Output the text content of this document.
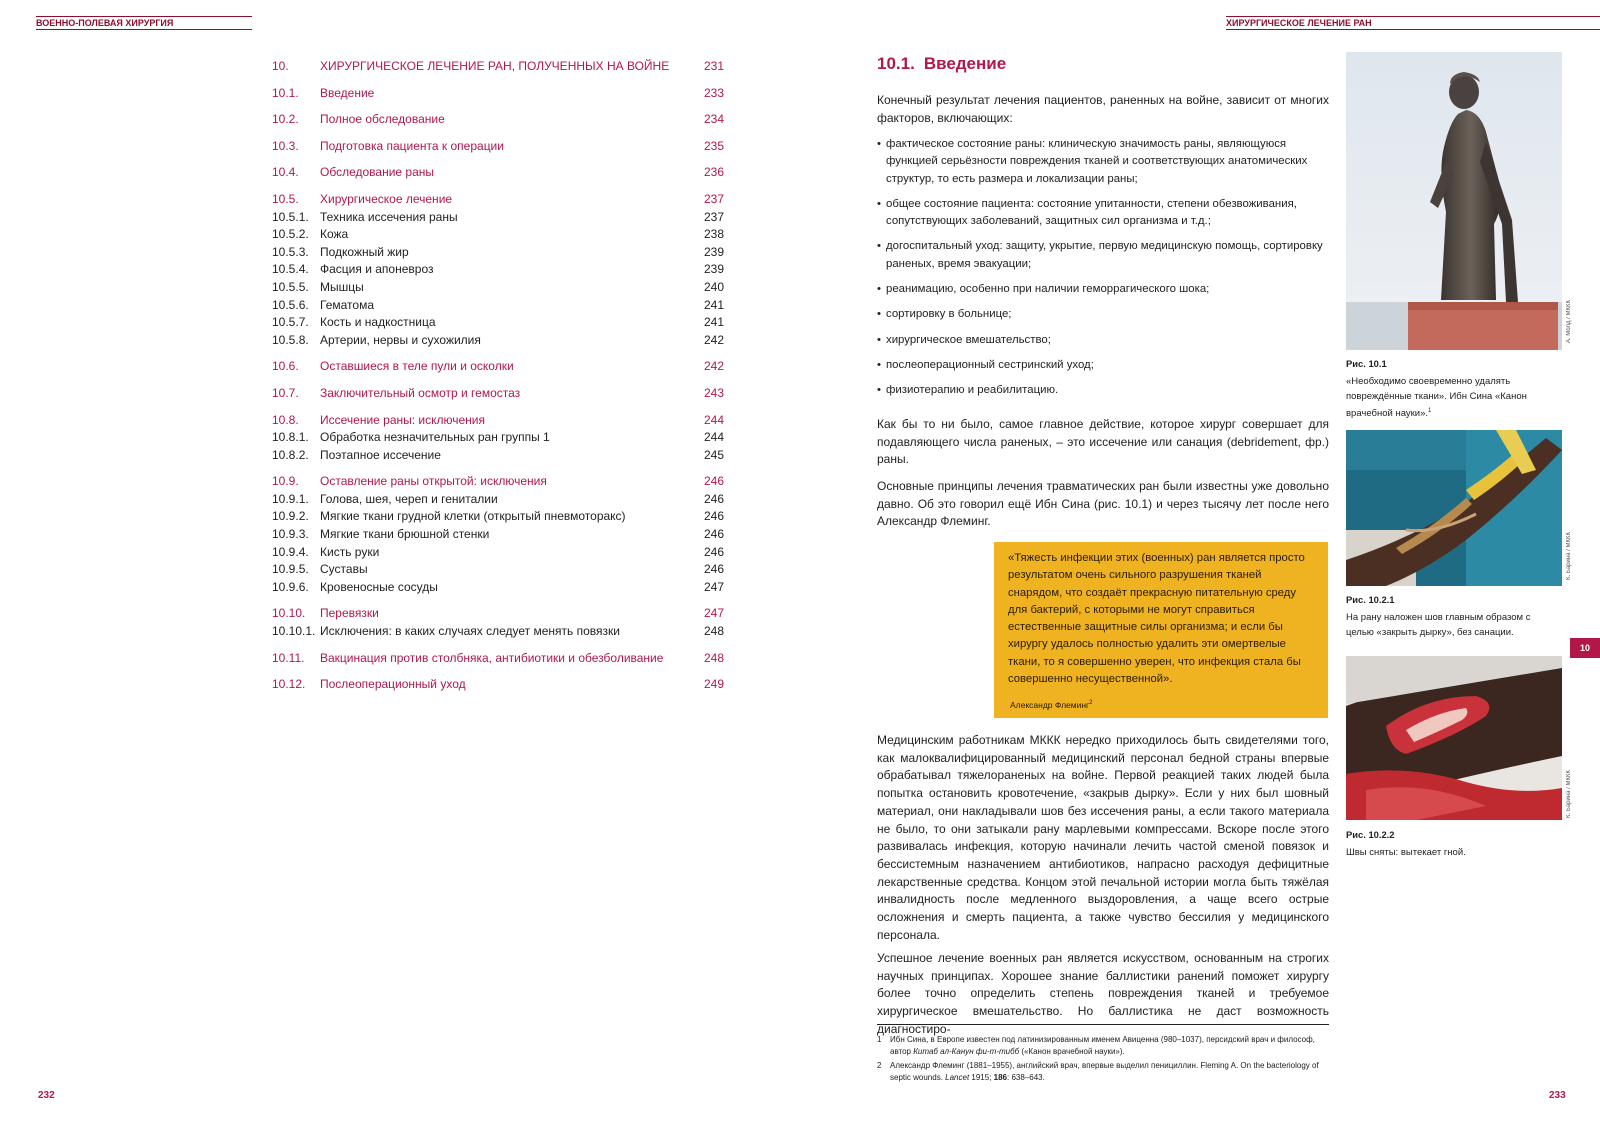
ВОЕННО-ПОЛЕВАЯ ХИРУРГИЯ	ХИРУРГИЧЕСКОЕ ЛЕЧЕНИЕ РАН
10.	ХИРУРГИЧЕСКОЕ ЛЕЧЕНИЕ РАН, ПОЛУЧЕННЫХ НА ВОЙНЕ	231
10.1.	Введение	233
10.2.	Полное обследование	234
10.3.	Подготовка пациента к операции	235
10.4.	Обследование раны	236
10.5.	Хирургическое лечение	237
10.5.1. Техника иссечения раны	237
10.5.2. Кожа	238
10.5.3. Подкожный жир	239
10.5.4. Фасция и апоневроз	239
10.5.5. Мышцы	240
10.5.6. Гематома	241
10.5.7. Кость и надкостница	241
10.5.8. Артерии, нервы и сухожилия	242
10.6.	Оставшиеся в теле пули и осколки	242
10.7.	Заключительный осмотр и гемостаз	243
10.8.	Иссечение раны: исключения	244
10.8.1. Обработка незначительных ран группы 1	244
10.8.2. Поэтапное иссечение	245
10.9.	Оставление раны открытой: исключения	246
10.9.1. Голова, шея, череп и гениталии	246
10.9.2. Мягкие ткани грудной клетки (открытый пневмоторакс)	246
10.9.3. Мягкие ткани брюшной стенки	246
10.9.4. Кисть руки	246
10.9.5. Суставы	246
10.9.6. Кровеносные сосуды	247
10.10.	Перевязки	247
10.10.1. Исключения: в каких случаях следует менять повязки	248
10.11.	Вакцинация против столбняка, антибиотики и обезболивание	248
10.12.	Послеоперационный уход	249
232	233
10.1. Введение

Конечный результат лечения пациентов, раненных на войне, зависит от многих факторов, включающих:

• фактическое состояние раны: клиническую значимость раны, являющуюся функцией серьёзности повреждения тканей и соответствующих анатомических структур, то есть размера и локализации раны;
• общее состояние пациента: состояние упитанности, степени обезвоживания, сопутствующих заболеваний, защитных сил организма и т.д.;
• догоспитальный уход: защиту, укрытие, первую медицинскую помощь, сортировку раненых, время эвакуации;
• реанимацию, особенно при наличии геморрагического шока;
• сортировку в больнице;
• хирургическое вмешательство;
• послеоперационный сестринский уход;
• физиотерапию и реабилитацию.

Как бы то ни было, самое главное действие, которое хирург совершает для подавляющего числа раненых, – это иссечение или санация (debridement, фр.) раны.

Основные принципы лечения травматических ран были известны уже довольно давно. Об это говорил ещё Ибн Сина (рис. 10.1) и через тысячу лет после него Александр Флеминг.

«Тяжесть инфекции этих (военных) ран является просто результатом очень сильного разрушения тканей снарядом, что создаёт прекрасную питательную среду для бактерий, с которыми не могут справиться естественные защитные силы организма; и если бы хирургу удалось полностью удалить эти омертвелые ткани, то я совершенно уверен, что инфекция стала бы совершенно несущественной».

Александр Флеминг$^2$

Медицинским работникам МККК нередко приходилось быть свидетелями того, как малоквалифицированный медицинский персонал бедной страны впервые обрабатывал тяжелораненых на войне. Первой реакцией таких людей была попытка остановить кровотечение, «закрыв дырку». Если у них был шовный материал, они накладывали шов без иссечения раны, а если такого материала не было, то они затыкали рану марлевыми компрессами. Вскоре после этого развивалась инфекция, которую начинали лечить частой сменой повязок и бессистемным назначением антибиотиков, напрасно расходуя дефицитные лекарственные средства. Концом этой печальной истории могла быть тяжёлая инвалидность после медленного выздоровления, а чаще всего острые осложнения и смерть пациента, а также чувство бессилия у медицинского персонала.

Успешное лечение военных ран является искусством, основанным на строгих научных принципах. Хорошее знание баллистики ранений поможет хирургу более точно определить степень повреждения тканей и требуемое хирургическое вмешательство. Но баллистика не даст возможность диагностиро-

1	Ибн Сина, в Европе известен под латинизированным именем Авиценна (980–1037), персидский врач и философ, автор Китаб ал-Канун фи-т-тибб («Канон врачебной науки»).
2	Александр Флеминг (1881–1955), английский врач, впервые выделил пенициллин. Fleming A. On the bacteriology of septic wounds. Lancet 1915; 186: 638–643.
А. Молд / МККК
Рис. 10.1
«Необходимо своевременно удалять повреждённые ткани». Ибн Сина «Канон врачебной науки».$^1$
К. Барина / МККК
Рис. 10.2.1
На рану наложен шов главным образом с целью «закрыть дырку», без санации.
10
К. Барина / МККК
Рис. 10.2.2
Швы сняты: вытекает гной.
